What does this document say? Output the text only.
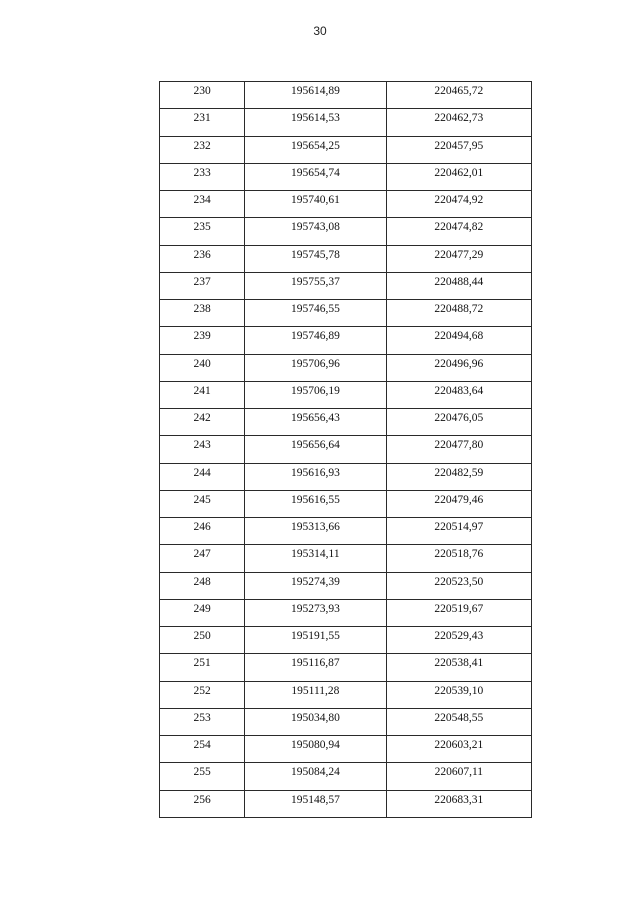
30
230	195614,89	220465,72

231	195614,53	220462,73

232	195654,25	220457,95

233	195654,74	220462,01

234	195740,61	220474,92

235	195743,08	220474,82

236	195745,78	220477,29

237	195755,37	220488,44

238	195746,55	220488,72

239	195746,89	220494,68

240	195706,96	220496,96

241	195706,19	220483,64

242	195656,43	220476,05

243	195656,64	220477,80

244	195616,93	220482,59

245	195616,55	220479,46

246	195313,66	220514,97

247	195314,11	220518,76

248	195274,39	220523,50

249	195273,93	220519,67

250	195191,55	220529,43

251	195116,87	220538,41

252	195111,28	220539,10

253	195034,80	220548,55

254	195080,94	220603,21

255	195084,24	220607,11

256	195148,57	220683,31
